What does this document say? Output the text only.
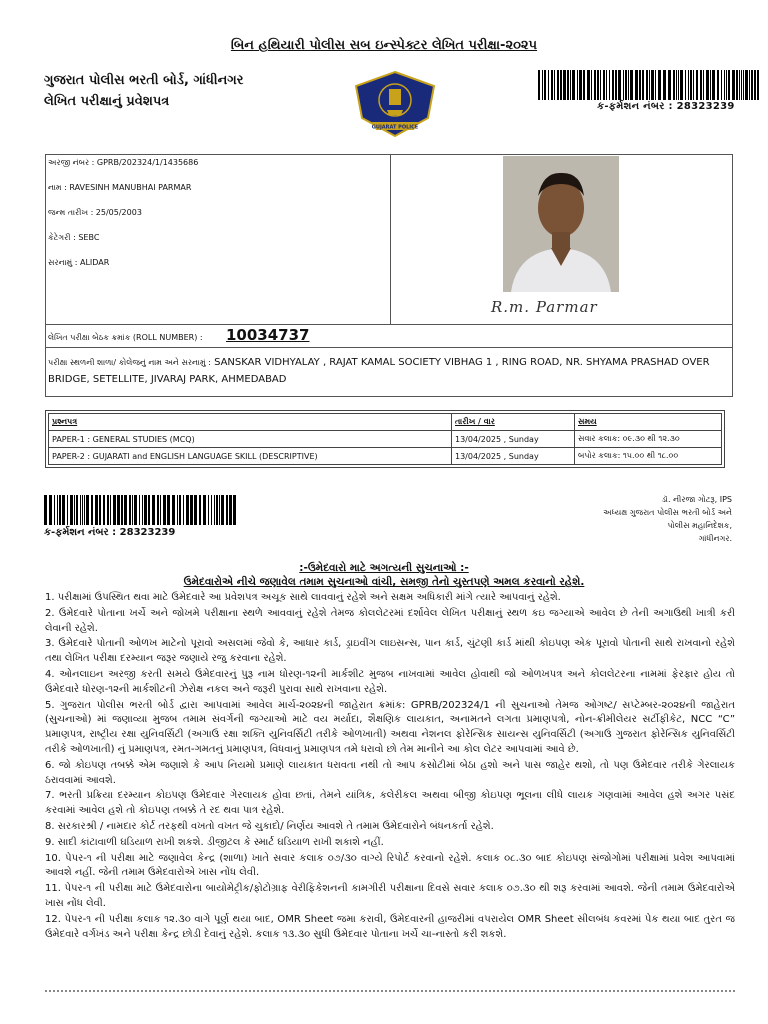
બિન હથિયારી પોલીસ સબ ઇન્સ્પેક્ટર લેખિત પરીક્ષા-૨૦૨૫
ગુજરાત પોલીસ ભરતી બોર્ડ, ગાંધીનગર
લેખિત પરીક્ષાનું પ્રવેશપત્ર
GUJARAT POLICE
ક-ફર્મશન નંબર : 28323239
અરજી નંબર : GPRB/202324/1/1435686
નામ : RAVESINH MANUBHAI PARMAR
જન્મ તારીખ : 25/05/2003
કેટેગરી : SEBC
સરનામું : ALIDAR
R.m. Parmar
લેખિત પરીક્ષા બેઠક ક્રમાંક (ROLL NUMBER) : 10034737
પરીક્ષા સ્થળની શાળા/ કોલેજનું નામ અને સરનામું : SANSKAR VIDHYALAY , RAJAT KAMAL SOCIETY VIBHAG 1 , RING ROAD, NR. SHYAMA PRASHAD OVER BRIDGE, SETELLITE, JIVARAJ PARK, AHMEDABAD
પ્રશ્નપત્ર	તારીખ / વાર	સમય
PAPER-1 : GENERAL STUDIES (MCQ)	13/04/2025 , Sunday	સવાર કલાક: ૦૯.૩૦ થી ૧૨.૩૦
PAPER-2 : GUJARATI and ENGLISH LANGUAGE SKILL (DESCRIPTIVE)	13/04/2025 , Sunday	બપોર કલાક: ૧૫.૦૦ થી ૧૮.૦૦
ક-ફર્મશન નંબર : 28323239
ડૉ. નીરજા ગોટરૂ, IPS
અધ્યક્ષ ગુજરાત પોલીસ ભરતી બોર્ડ અને
પોલીસ મહાનિદેશક,
ગાંધીનગર.
:-ઉમેદવારો માટે અગત્યની સુચનાઓ :-
ઉમેદવારોએ નીચે જણાવેલ તમામ સુચનાઓ વાંચી, સમજી તેનો ચુસ્તપણે અમલ કરવાનો રહેશે.

1. પરીક્ષામાં ઉપસ્થિત થવા માટે ઉમેદવારે આ પ્રવેશપત્ર અચૂક સાથે લાવવાનું રહેશે અને સક્ષમ અધિકારી માંગે ત્યારે આપવાનું રહેશે.

2. ઉમેદવારે પોતાના ખર્ચે અને જોખમે પરીક્ષાના સ્થળે આવવાનું રહેશે તેમજ કોલલેટરમાં દર્શાવેલ લેખિત પરીક્ષાનું સ્થળ કઇ જગ્યાએ આવેલ છે તેની અગાઉથી ખાત્રી કરી લેવાની રહેશે.

3. ઉમેદવારે પોતાની ઓળખ માટેનો પૂરાવો અસલમાં જેવો કે, આધાર કાર્ડ, ડ્રાઇવીંગ લાઇસન્સ, પાન કાર્ડ, ચુંટણી કાર્ડ માંથી કોઇપણ એક પૂરાવો પોતાની સાથે રાખવાનો રહેશે તથા લેખિત પરીક્ષા દરમ્યાન જરૂર જણાયે રજુ કરવાના રહેશે.

4. ઓનલાઇન અરજી કરતી સમયે ઉમેદવારનું પુરૂ નામ ધોરણ-૧૨ની માર્કશીટ મુજબ નાખવામાં આવેલ હોવાથી જો ઓળખપત્ર અને કોલલેટરના નામમાં ફેરફાર હોય તો ઉમેદવારે ધોરણ-૧૨ની માર્કશીટની ઝેરોક્ષ નકલ અને જરૂરી પુરાવા સાથે રાખવાના રહેશે.

5. ગુજરાત પોલીસ ભરતી બોર્ડ દ્વારા આપવામાં આવેલ માર્ચ-૨૦૨૪ની જાહેરાત ક્રમાંક: GPRB/202324/1 ની સુચનાઓ તેમજ ઓગષ્ટ/ સપ્ટેમ્બર-૨૦૨૪ની જાહેરાત (સુચનાઓ) માં જણાવ્યા મુજબ તમામ સંવર્ગની જગ્યાઓ માટે વય મર્યાદા, શૈક્ષણિક લાયકાત, અનામતને લગતા પ્રમાણપત્રો, નોન-ક્રીમીલેયર સર્ટીફીકેટ, NCC “C” પ્રમાણપત્ર, રાષ્ટ્રીય રક્ષા યુનિવર્સિટી (અગાઉ રક્ષા શક્તિ યુનિવર્સિટી તરીકે ઓળખાતી) અથવા નેશનલ ફોરેન્સિક સાયન્સ યુનિવર્સિટી (અગાઉ ગુજરાત ફોરેન્સિક યુનિવર્સિટી તરીકે ઓળખાતી) નું પ્રમાણપત્ર, રમત-ગમતનું પ્રમાણપત્ર, વિધવાનું પ્રમાણપત્ર તમે ધરાવો છો તેમ માનીને આ કોલ લેટર આપવામાં આવે છે.

6. જો કોઇપણ તબક્કે એમ જણાશે કે આપ નિયમો પ્રમાણે લાયકાત ધરાવતા નથી તો આપ કસોટીમાં બેઠા હશો અને પાસ જાહેર થશો, તો પણ ઉમેદવાર તરીકે ગેરલાયક ઠરાવવામાં આવશે.

7. ભરતી પ્રક્રિયા દરમ્યાન કોઇપણ ઉમેદવાર ગેરલાયક હોવા છતાં, તેમને યાંત્રિક, કલેરીકલ અથવા બીજી કોઇપણ ભૂલના લીધે લાયક ગણવામાં આવેલ હશે અગર પસંદ કરવામાં આવેલ હશે તો કોઇપણ તબક્કે તે રદ થવા પાત્ર રહેશે.

8. સરકારશ્રી / નામદાર કોર્ટ તરફથી વખતો વખત જે ચુકાદો/ નિર્ણય આવશે તે તમામ ઉમેદવારોને બંધનકર્તા રહેશે.

9. સાદી કાંટાવાળી ઘડિયાળ રાખી શકશે. ડીજીટલ કે સ્માર્ટ ઘડિયાળ રાખી શકાશે નહીં.

10. પેપર-૧ ની પરીક્ષા માટે જણાવેલ કેન્દ્ર (શાળા) ખાતે સવાર કલાક ૦૭/૩૦ વાગ્યે રિપોર્ટ કરવાનો રહેશે. કલાક ૦૮.૩૦ બાદ કોઇપણ સંજોગોમાં પરીક્ષામાં પ્રવેશ આપવામાં આવશે નહીં. જેની તમામ ઉમેદવારોએ ખાસ નોંધ લેવી.

11. પેપર-૧ ની પરીક્ષા માટે ઉમેદવારોના બાયોમેટ્રીક/ફોટોગ્રાફ વેરીફિકેશનની કામગીરી પરીક્ષાના દિવસે સવાર કલાક ૦૭.૩૦ થી શરૂ કરવામાં આવશે. જેની તમામ ઉમેદવારોએ ખાસ નોંધ લેવી.

12. પેપર-૧ ની પરીક્ષા કલાક ૧૨.૩૦ વાગે પૂર્ણ થયા બાદ, OMR Sheet જમા કરાવી, ઉમેદવારની હાજરીમાં વપરાયેલ OMR Sheet સીલબંધ કવરમાં પેક થયા બાદ તુરત જ ઉમેદવારે વર્ગખંડ અને પરીક્ષા કેન્દ્ર છોડી દેવાનું રહેશે. કલાક ૧૩.૩૦ સુધી ઉમેદવાર પોતાના ખર્ચે ચા-નાસ્તો કરી શકશે.
